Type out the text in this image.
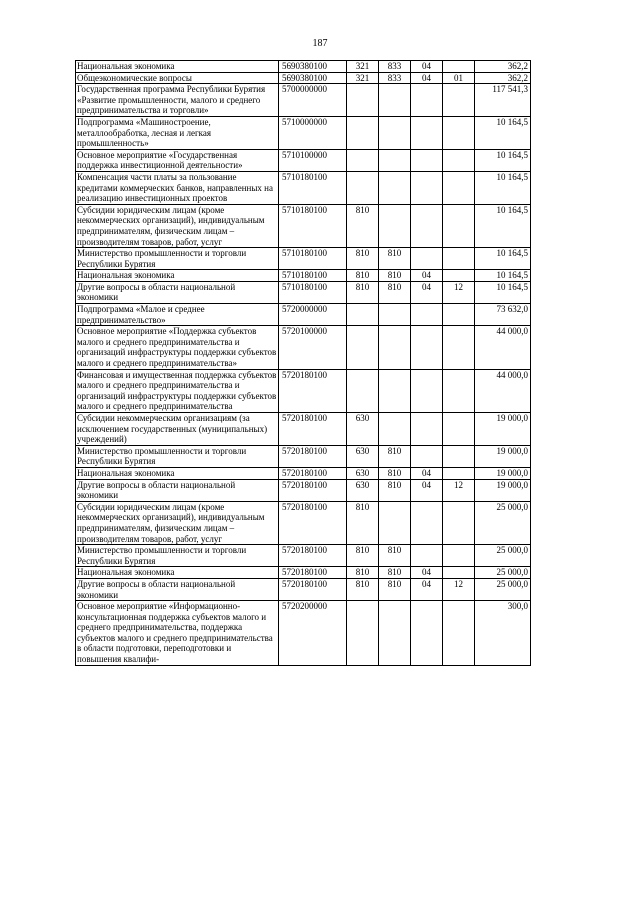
187
Национальная экономика	5690380100	321	833	04		362,2
Общеэкономические вопросы	5690380100	321	833	04	01	362,2
Государственная программа Республики Бурятия «Развитие промышленности, малого и среднего предпринимательства и торговли»	5700000000					117 541,3
Подпрограмма «Машиностроение, металлообработка, лесная и легкая промышленность»	5710000000					10 164,5
Основное мероприятие «Государственная поддержка инвестиционной деятельности»	5710100000					10 164,5
Компенсация части платы за пользование кредитами коммерческих банков, направленных на реализацию инвестиционных проектов	5710180100					10 164,5
Субсидии юридическим лицам (кроме некоммерческих организаций), индивидуальным предпринимателям, физическим лицам – производителям товаров, работ, услуг	5710180100	810				10 164,5
Министерство промышленности и торговли Республики Бурятия	5710180100	810	810			10 164,5
Национальная экономика	5710180100	810	810	04		10 164,5
Другие вопросы в области национальной экономики	5710180100	810	810	04	12	10 164,5
Подпрограмма «Малое и среднее предпринимательство»	5720000000					73 632,0
Основное мероприятие «Поддержка субъектов малого и среднего предпринимательства и организаций инфраструктуры поддержки субъектов малого и среднего предпринимательства»	5720100000					44 000,0
Финансовая и имущественная поддержка субъектов малого и среднего предпринимательства и организаций инфраструктуры поддержки субъектов малого и среднего предпринимательства	5720180100					44 000,0
Субсидии некоммерческим организациям (за исключением государственных (муниципальных) учреждений)	5720180100	630				19 000,0
Министерство промышленности и торговли Республики Бурятия	5720180100	630	810			19 000,0
Национальная экономика	5720180100	630	810	04		19 000,0
Другие вопросы в области национальной экономики	5720180100	630	810	04	12	19 000,0
Субсидии юридическим лицам (кроме некоммерческих организаций), индивидуальным предпринимателям, физическим лицам – производителям товаров, работ, услуг	5720180100	810				25 000,0
Министерство промышленности и торговли Республики Бурятия	5720180100	810	810			25 000,0
Национальная экономика	5720180100	810	810	04		25 000,0
Другие вопросы в области национальной экономики	5720180100	810	810	04	12	25 000,0
Основное мероприятие «Информационно-консультационная поддержка субъектов малого и среднего предпринимательства, поддержка субъектов малого и среднего предпринимательства в области подготовки, переподготовки и повышения квалифи-	5720200000					300,0
